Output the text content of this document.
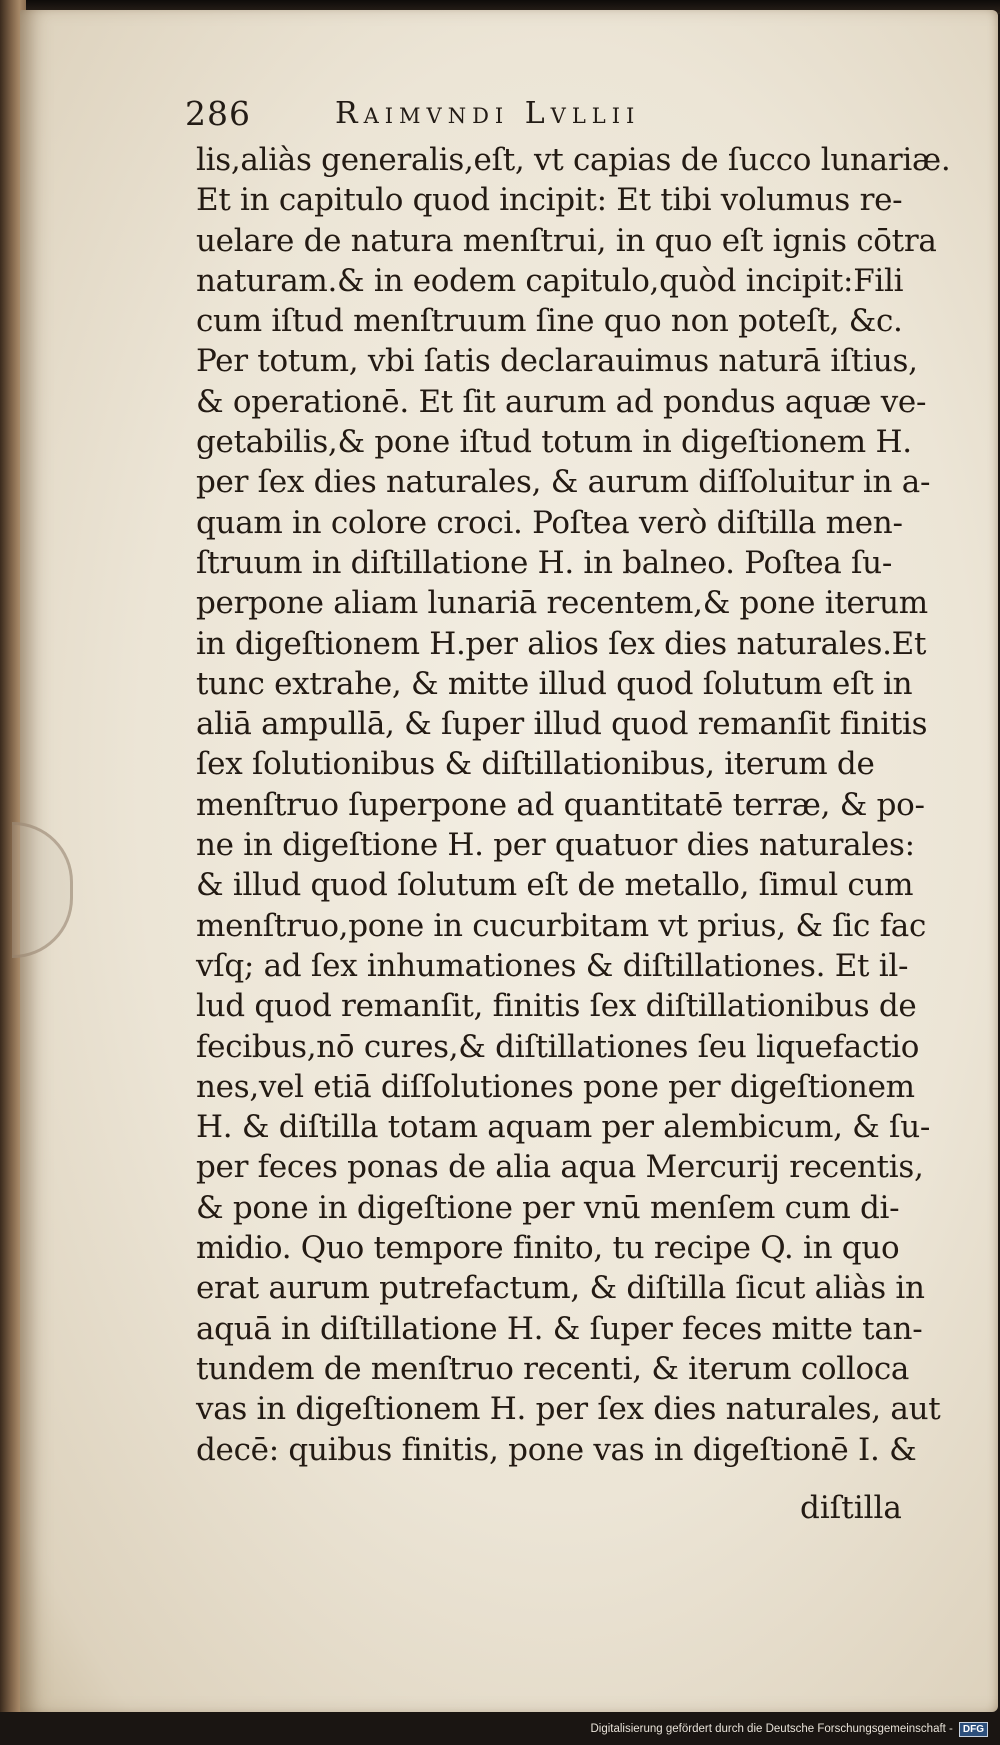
286	Raimvndi Lvllii
lis,aliàs generalis,eſt, vt capias de ſucco lunariæ.
Et in capitulo quod incipit: Et tibi volumus re-
uelare de natura menſtrui, in quo eſt ignis cōtra
naturam.& in eodem capitulo,quòd incipit:Fili
cum iſtud menſtruum ſine quo non poteſt, &c.
Per totum, vbi ſatis declarauimus naturā iſtius,
& operationē. Et ſit aurum ad pondus aquæ ve-
getabilis,& pone iſtud totum in digeſtionem H.
per ſex dies naturales, & aurum diſſoluitur in a-
quam in colore croci. Poſtea verò diſtilla men-
ſtruum in diſtillatione H. in balneo. Poſtea ſu-
perpone aliam lunariā recentem,& pone iterum
in digeſtionem H.per alios ſex dies naturales.Et
tunc extrahe, & mitte illud quod ſolutum eſt in
aliā ampullā, & ſuper illud quod remanſit finitis
ſex ſolutionibus & diſtillationibus, iterum de
menſtruo ſuperpone ad quantitatē terræ, & po-
ne in digeſtione H. per quatuor dies naturales:
& illud quod ſolutum eſt de metallo, ſimul cum
menſtruo,pone in cucurbitam vt prius, & ſic fac
vſq; ad ſex inhumationes & diſtillationes. Et il-
lud quod remanſit, finitis ſex diſtillationibus de
fecibus,nō cures,& diſtillationes ſeu liquefactio
nes,vel etiā diſſolutiones pone per digeſtionem
H. & diſtilla totam aquam per alembicum, & ſu-
per feces ponas de alia aqua Mercurij recentis,
& pone in digeſtione per vnū menſem cum di-
midio. Quo tempore finito, tu recipe Q. in quo
erat aurum putrefactum, & diſtilla ſicut aliàs in
aquā in diſtillatione H. & ſuper feces mitte tan-
tundem de menſtruo recenti, & iterum colloca
vas in digeſtionem H. per ſex dies naturales, aut
decē: quibus finitis, pone vas in digeſtionē I. &
diſtilla
Digitalisierung gefördert durch die Deutsche Forschungsgemeinschaft -	DFG
